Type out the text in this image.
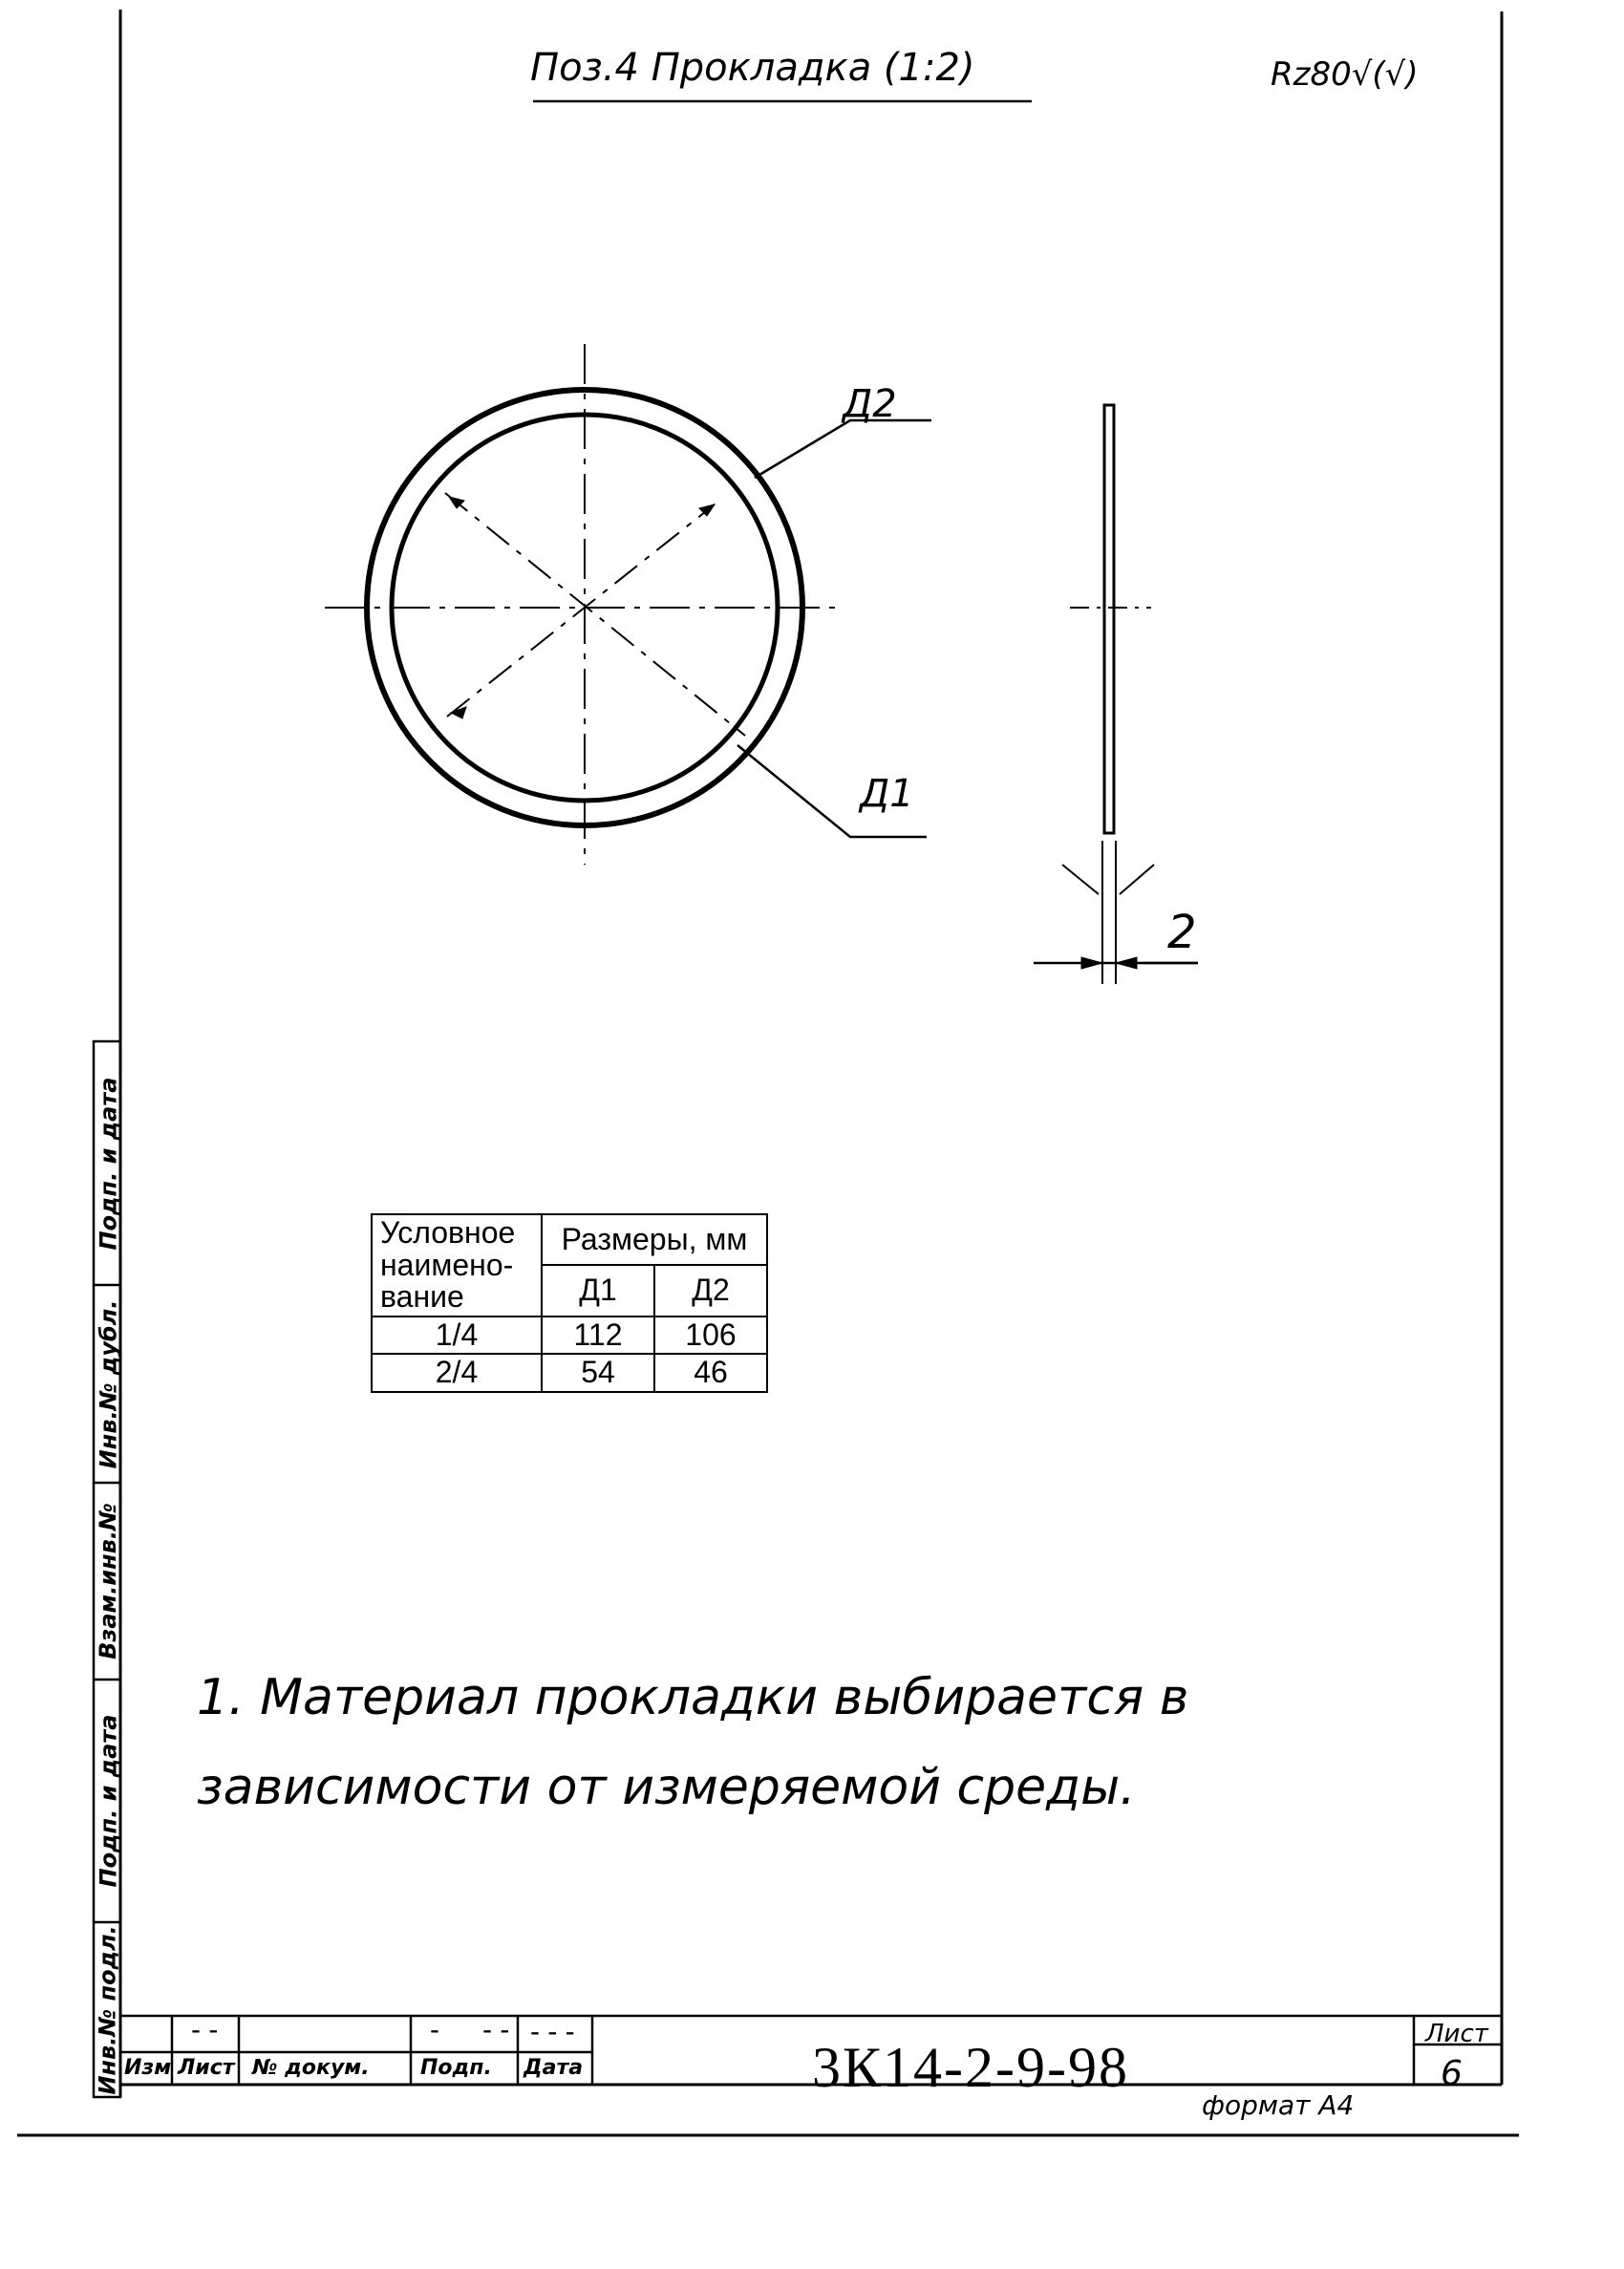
Поз.4 Прокладка (1:2)	Rz80√(√)
Д2
Д1
2
Условное наимено- вание	Размеры, мм	
	Д1	Д2
1/4	112	106
2/4	54	46
1. Материал прокладки выбирается в зависимости от измеряемой среды.
Подп. и дата
Инв.№ дубл.
Взам.инв.№
Подп. и дата
Инв.№ подл. - -	- - - - - -
Изм Лист № докум. Подп. Дата	3К14-2-9-98
Лист
6
формат А4
